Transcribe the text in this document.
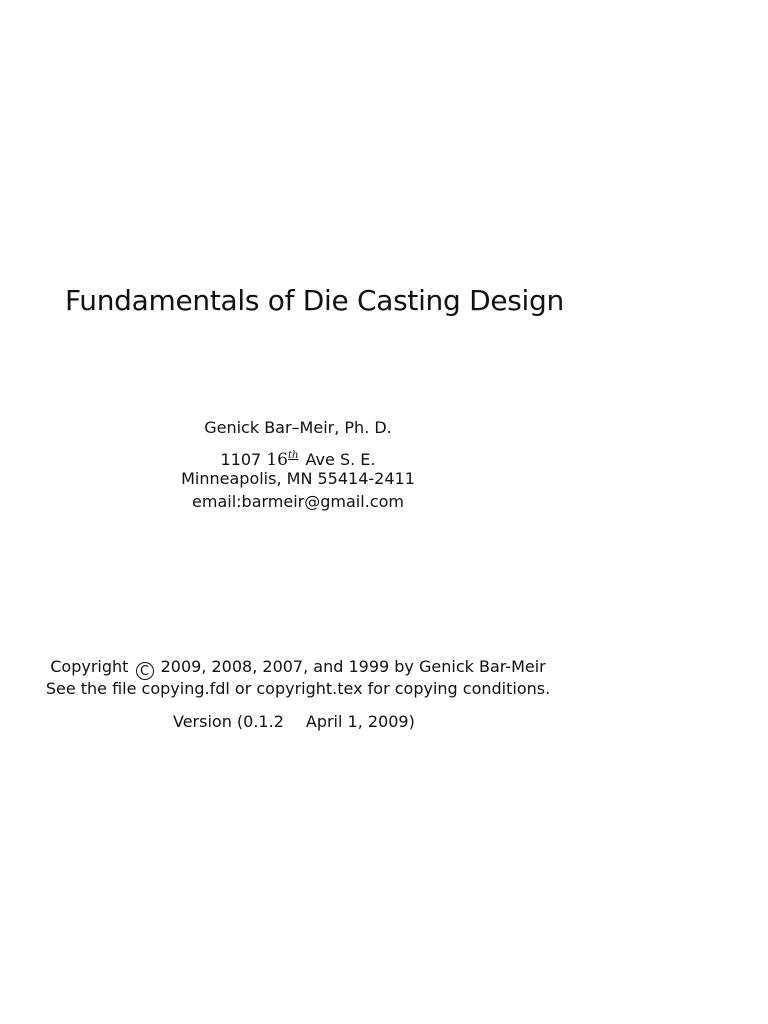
Fundamentals of Die Casting Design
Genick Bar–Meir, Ph. D.
1107 16th Ave S. E.
Minneapolis, MN 55414-2411
email:barmeir@gmail.com
Copyright C 2009, 2008, 2007, and 1999 by Genick Bar-Meir
See the file copying.fdl or copyright.tex for copying conditions.
Version (0.1.2 April 1, 2009)
